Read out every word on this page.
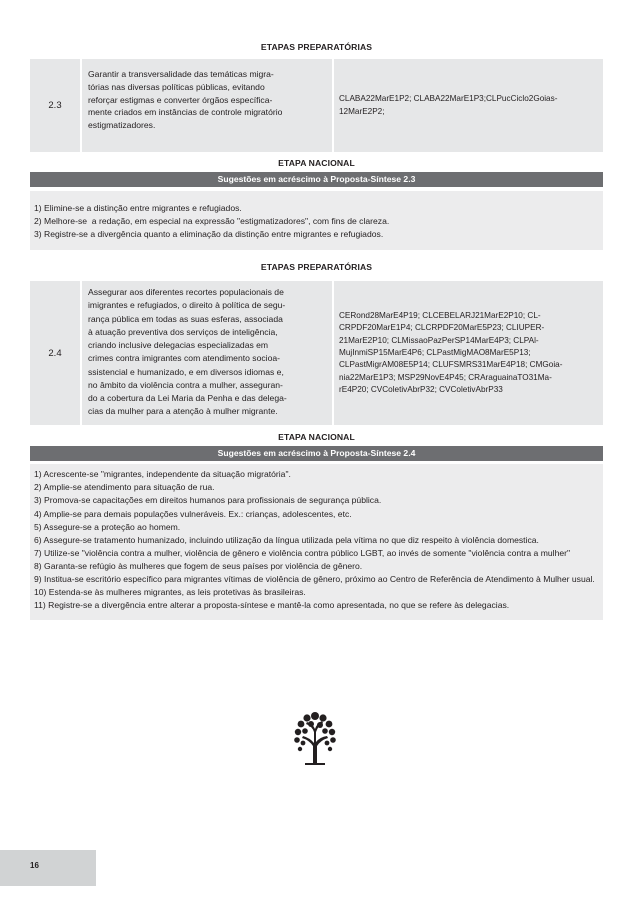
ETAPAS PREPARATÓRIAS
2.3
Garantir a transversalidade das temáticas migra-
tórias nas diversas políticas públicas, evitando
reforçar estigmas e converter órgãos específica-
mente criados em instâncias de controle migratório
estigmatizadores.
CLABA22MarE1P2; CLABA22MarE1P3;CLPucCiclo2Goias-
12MarE2P2;
ETAPA NACIONAL
Sugestões em acréscimo à Proposta-Síntese 2.3
1) Elimine-se a distinção entre migrantes e refugiados.
2) Melhore-se  a redação, em especial na expressão "estigmatizadores", com fins de clareza.
3) Registre-se a divergência quanto a eliminação da distinção entre migrantes e refugiados.
ETAPAS PREPARATÓRIAS
2.4
Assegurar aos diferentes recortes populacionais de
imigrantes e refugiados, o direito à política de segu-
rança pública em todas as suas esferas, associada
à atuação preventiva dos serviços de inteligência,
criando inclusive delegacias especializadas em
crimes contra imigrantes com atendimento socioa-
ssistencial e humanizado, e em diversos idiomas e,
no âmbito da violência contra a mulher, asseguran-
do a cobertura da Lei Maria da Penha e das delega-
cias da mulher para a atenção à mulher migrante.
CERond28MarE4P19; CLCEBELARJ21MarE2P10; CL-
CRPDF20MarE1P4; CLCRPDF20MarE5P23; CLIUPER-
21MarE2P10; CLMissaoPazPerSP14MarE4P3; CLPAl-
MujInmiSP15MarE4P6; CLPastMigMAO8MarE5P13;
CLPastMigrAM08E5P14; CLUFSMRS31MarE4P18; CMGoia-
nia22MarE1P3; MSP29NovE4P45; CRAraguainaTO31Ma-
rE4P20; CVColetivAbrP32; CVColetivAbrP33
ETAPA NACIONAL
Sugestões em acréscimo à Proposta-Síntese 2.4
1) Acrescente-se "migrantes, independente da situação migratória".
2) Amplie-se atendimento para situação de rua.
3) Promova-se capacitações em direitos humanos para profissionais de segurança pública.
4) Amplie-se para demais populações vulneráveis. Ex.: crianças, adolescentes, etc.
5) Assegure-se a proteção ao homem.
6) Assegure-se tratamento humanizado, incluindo utilização da língua utilizada pela vítima no que diz respeito à violência domestica.
7) Utilize-se "violência contra a mulher, violência de gênero e violência contra público LGBT, ao invés de somente "violência contra a mulher"
8) Garanta-se refúgio às mulheres que fogem de seus países por violência de gênero.
9) Institua-se escritório específico para migrantes vítimas de violência de gênero, próximo ao Centro de Referência de Atendimento à Mulher usual.
10) Estenda-se às mulheres migrantes, as leis protetivas às brasileiras.
11) Registre-se a divergência entre alterar a proposta-síntese e mantê-la como apresentada, no que se refere às delegacias.
16
